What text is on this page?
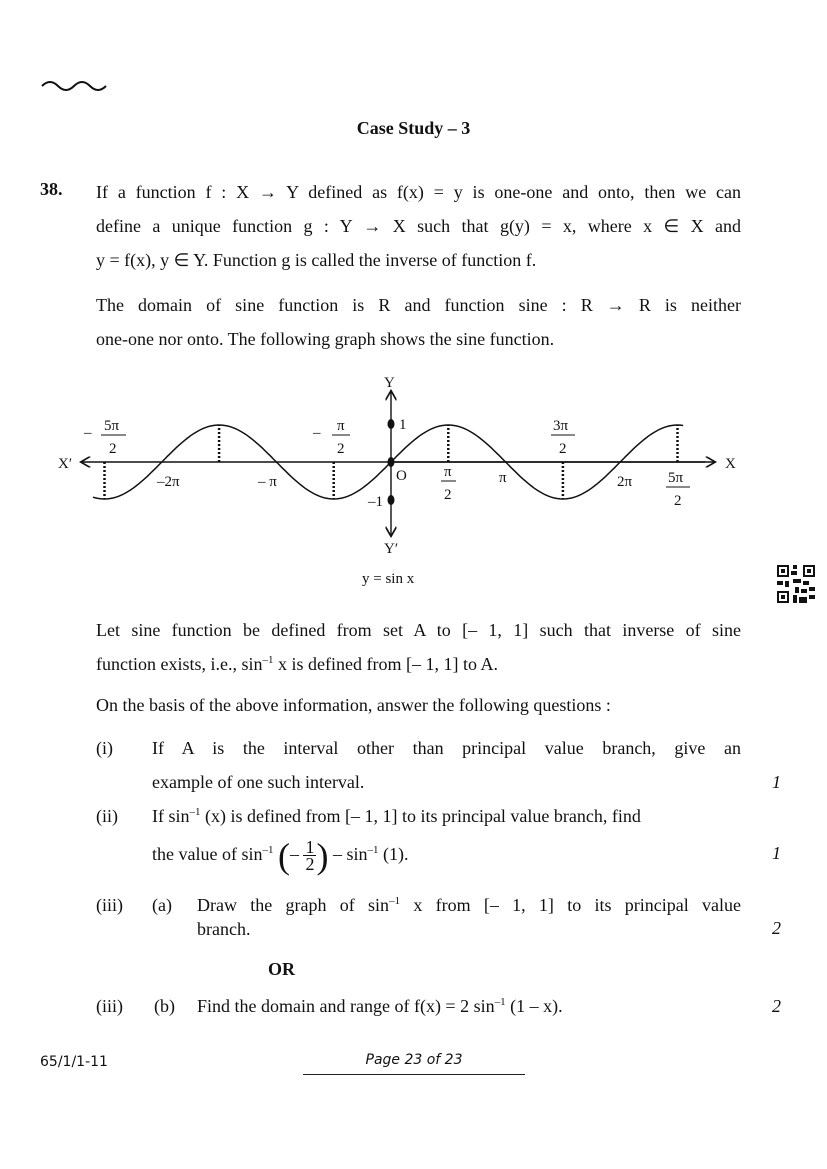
Case Study – 3
38. If a function f : X → Y defined as f(x) = y is one-one and onto, then we can
define a unique function g : Y → X such that g(y) = x, where x ∈ X and
y = f(x), y ∈ Y. Function g is called the inverse of function f.
The domain of sine function is R and function sine : R → R is neither
one-one nor onto. The following graph shows the sine function.
Y
Y′
X
X′
O
1
–1
– 5π
2
– π
2
–2π	– π
π
2
π
3π
2
2π 5π
2
y = sin x
Let sine function be defined from set A to [– 1, 1] such that inverse of sine
function exists, i.e., $\sin^{-1} x$ is defined from [– 1, 1] to A.
On the basis of the above information, answer the following questions :
(i) If A is the interval other than principal value branch, give an
example of one such interval.	1
(ii) If $\sin^{-1} (x)$ is defined from [– 1, 1] to its principal value branch, find
the value of $\sin^{-1}$ (– $\frac{1}{2}$ ) – $\sin^{-1} (1)$.	1
(iii) (a) Draw the graph of $\sin^{-1} x$ from [– 1, 1] to its principal value
branch.	2
OR
(iii) (b) Find the domain and range of f(x) = 2 $\sin^{-1} (1 - x)$.	2
65/1/1-11	Page 23 of 23
